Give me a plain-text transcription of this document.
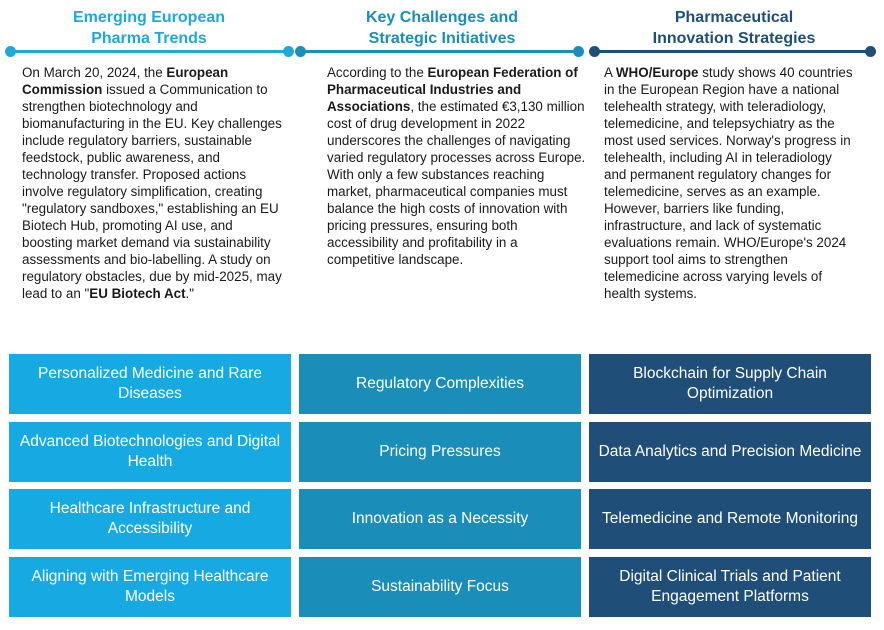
Emerging European
Pharma Trends
Key Challenges and
Strategic Initiatives
Pharmaceutical
Innovation Strategies
On March 20, 2024, the European Commission issued a Communication to strengthen biotechnology and biomanufacturing in the EU. Key challenges include regulatory barriers, sustainable feedstock, public awareness, and technology transfer. Proposed actions involve regulatory simplification, creating "regulatory sandboxes," establishing an EU Biotech Hub, promoting AI use, and boosting market demand via sustainability assessments and bio-labelling. A study on regulatory obstacles, due by mid-2025, may lead to an "EU Biotech Act."
According to the European Federation of Pharmaceutical Industries and Associations, the estimated €3,130 million cost of drug development in 2022 underscores the challenges of navigating varied regulatory processes across Europe. With only a few substances reaching market, pharmaceutical companies must balance the high costs of innovation with pricing pressures, ensuring both accessibility and profitability in a competitive landscape.
A WHO/Europe study shows 40 countries in the European Region have a national telehealth strategy, with teleradiology, telemedicine, and telepsychiatry as the most used services. Norway's progress in telehealth, including AI in teleradiology and permanent regulatory changes for telemedicine, serves as an example. However, barriers like funding, infrastructure, and lack of systematic evaluations remain. WHO/Europe's 2024 support tool aims to strengthen telemedicine across varying levels of health systems.
Personalized Medicine and Rare Diseases
Advanced Biotechnologies and Digital Health
Healthcare Infrastructure and Accessibility
Aligning with Emerging Healthcare Models
Regulatory Complexities
Pricing Pressures
Innovation as a Necessity
Sustainability Focus
Blockchain for Supply Chain Optimization
Data Analytics and Precision Medicine
Telemedicine and Remote Monitoring
Digital Clinical Trials and Patient Engagement Platforms
